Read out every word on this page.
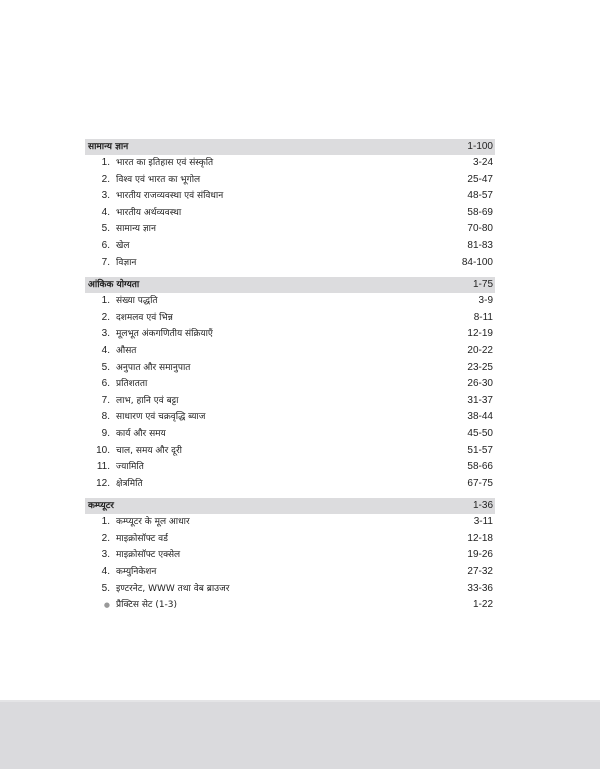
सामान्य ज्ञान	1-100
1. भारत का इतिहास एवं संस्कृति	3-24
2. विश्व एवं भारत का भूगोल	25-47
3. भारतीय राजव्यवस्था एवं संविधान	48-57
4. भारतीय अर्थव्यवस्था	58-69
5. सामान्य ज्ञान	70-80
6. खेल	81-83
7. विज्ञान	84-100
आंकिक योग्यता	1-75
1. संख्या पद्धति	3-9
2. दशमलव एवं भिन्न	8-11
3. मूलभूत अंकगणितीय संक्रियाएँ	12-19
4. औसत	20-22
5. अनुपात और समानुपात	23-25
6. प्रतिशतता	26-30
7. लाभ, हानि एवं बट्टा	31-37
8. साधारण एवं चक्रवृद्धि ब्याज	38-44
9. कार्य और समय	45-50
10. चाल, समय और दूरी	51-57
11. ज्यामिति	58-66
12. क्षेत्रमिति	67-75
कम्प्यूटर	1-36
1. कम्प्यूटर के मूल आधार	3-11
2. माइक्रोसॉफ्ट वर्ड	12-18
3. माइक्रोसॉफ्ट एक्सेल	19-26
4. कम्युनिकेशन	27-32
5. इण्टरनेट, WWW तथा वेब ब्राउजर	33-36
● प्रैक्टिस सेट (1-3)	1-22
